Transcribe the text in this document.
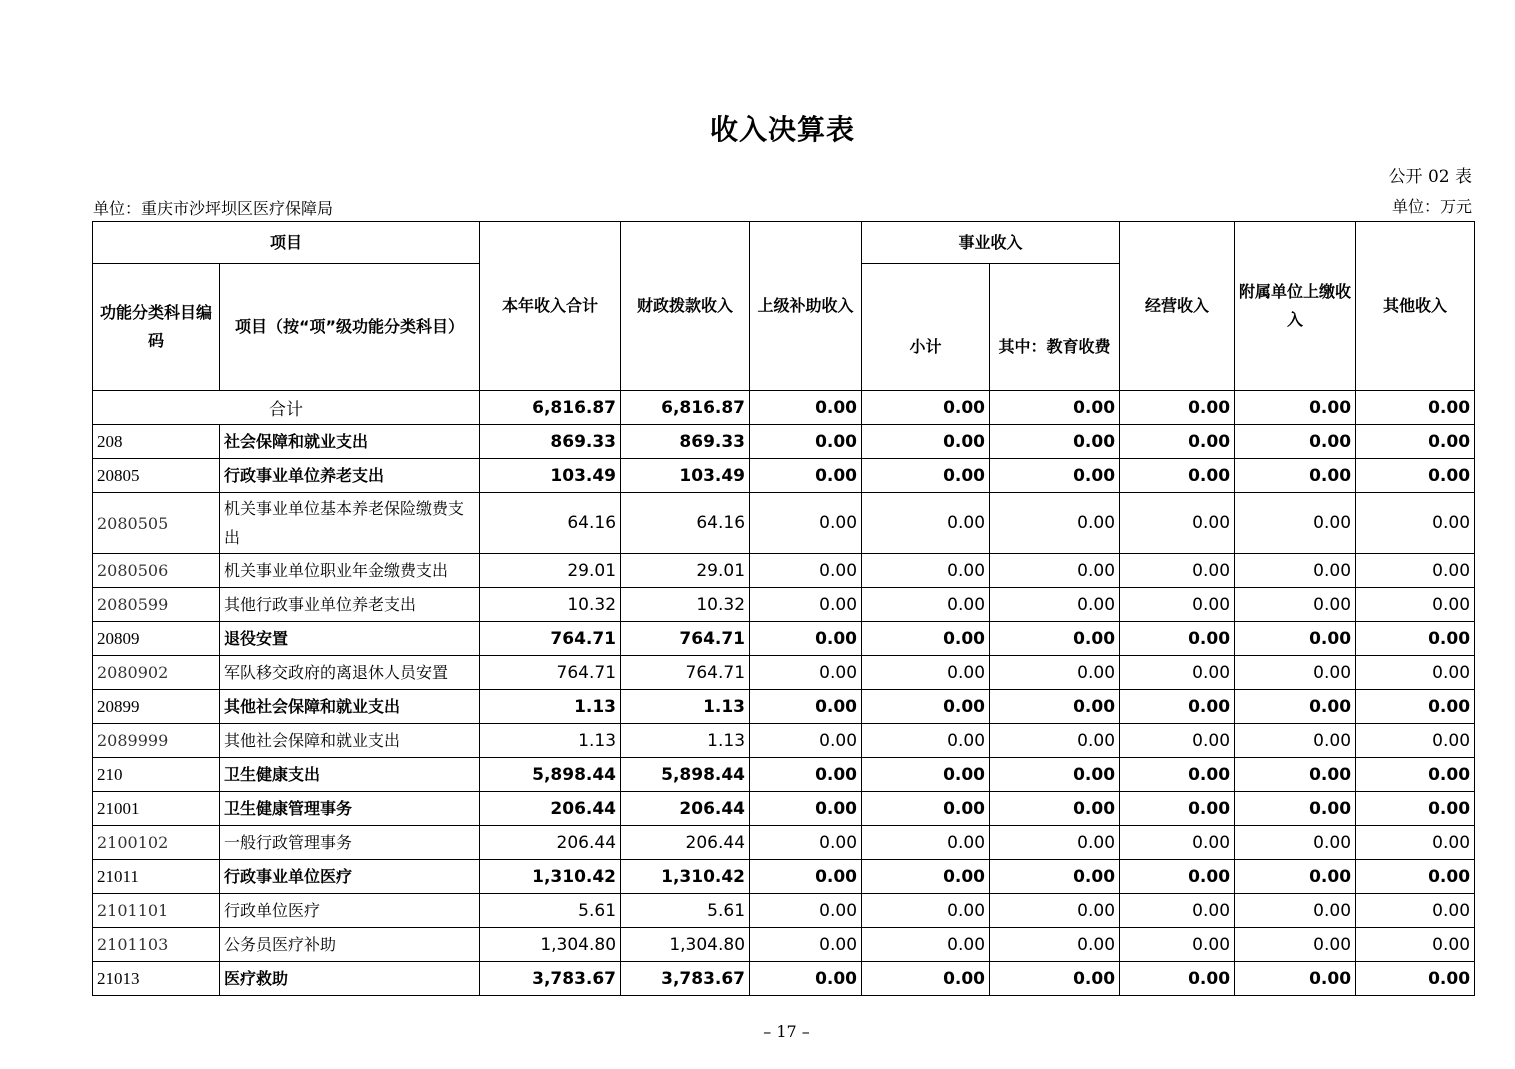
收入决算表
公开 02 表
单位：重庆市沙坪坝区医疗保障局	单位：万元
项目		本年收入合计	财政拨款收入	上级补助收入	事业收入		经营收入	附属单位上缴收入	其他收入
功能分类科目编码	项目（按“项”级功能分类科目）				小计	其中：教育收费			
合计		6,816.87	6,816.87	0.00	0.00	0.00	0.00	0.00	0.00
208	社会保障和就业支出	869.33	869.33	0.00	0.00	0.00	0.00	0.00	0.00
20805	行政事业单位养老支出	103.49	103.49	0.00	0.00	0.00	0.00	0.00	0.00
2080505	机关事业单位基本养老保险缴费支出	64.16	64.16	0.00	0.00	0.00	0.00	0.00	0.00
2080506	机关事业单位职业年金缴费支出	29.01	29.01	0.00	0.00	0.00	0.00	0.00	0.00
2080599	其他行政事业单位养老支出	10.32	10.32	0.00	0.00	0.00	0.00	0.00	0.00
20809	退役安置	764.71	764.71	0.00	0.00	0.00	0.00	0.00	0.00
2080902	军队移交政府的离退休人员安置	764.71	764.71	0.00	0.00	0.00	0.00	0.00	0.00
20899	其他社会保障和就业支出	1.13	1.13	0.00	0.00	0.00	0.00	0.00	0.00
2089999	其他社会保障和就业支出	1.13	1.13	0.00	0.00	0.00	0.00	0.00	0.00
210	卫生健康支出	5,898.44	5,898.44	0.00	0.00	0.00	0.00	0.00	0.00
21001	卫生健康管理事务	206.44	206.44	0.00	0.00	0.00	0.00	0.00	0.00
2100102	一般行政管理事务	206.44	206.44	0.00	0.00	0.00	0.00	0.00	0.00
21011	行政事业单位医疗	1,310.42	1,310.42	0.00	0.00	0.00	0.00	0.00	0.00
2101101	行政单位医疗	5.61	5.61	0.00	0.00	0.00	0.00	0.00	0.00
2101103	公务员医疗补助	1,304.80	1,304.80	0.00	0.00	0.00	0.00	0.00	0.00
21013	医疗救助	3,783.67	3,783.67	0.00	0.00	0.00	0.00	0.00	0.00
– 17 –
